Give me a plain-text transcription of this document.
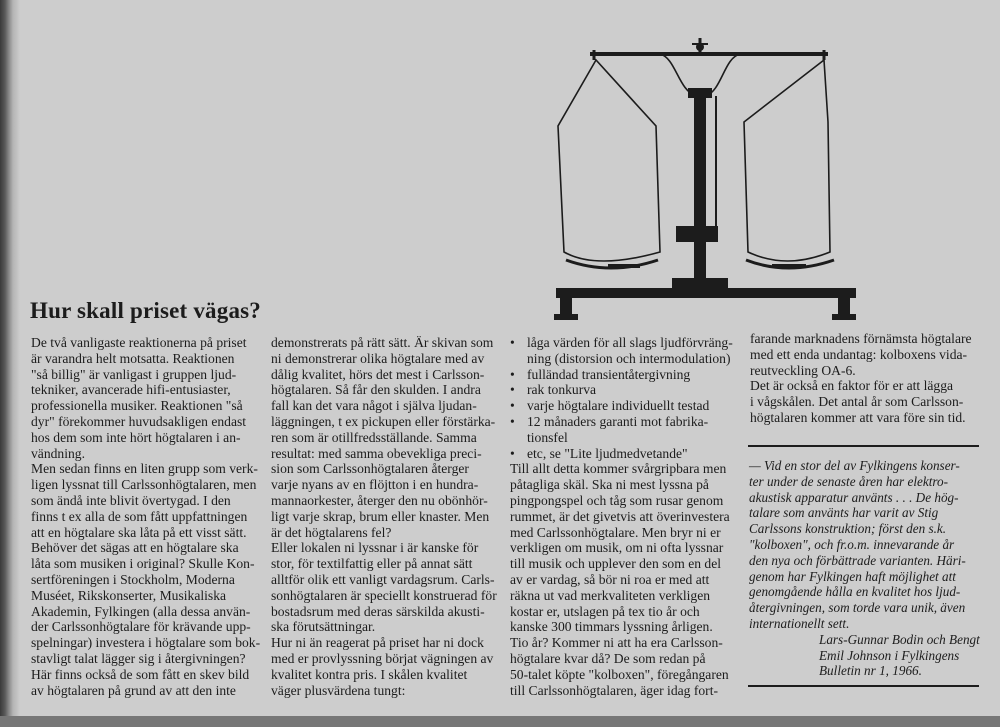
Hur skall priset vägas?
De två vanligaste reaktionerna på priset
är varandra helt motsatta. Reaktionen
"så billig" är vanligast i gruppen ljud-
tekniker, avancerade hifi-entusiaster,
professionella musiker. Reaktionen "så
dyr" förekommer huvudsakligen endast
hos dem som inte hört högtalaren i an-
vändning.
Men sedan finns en liten grupp som verk-
ligen lyssnat till Carlssonhögtalaren, men
som ändå inte blivit övertygad. I den
finns t ex alla de som fått uppfattningen
att en högtalare ska låta på ett visst sätt.
Behöver det sägas att en högtalare ska
låta som musiken i original? Skulle Kon-
sertföreningen i Stockholm, Moderna
Muséet, Rikskonserter, Musikaliska
Akademin, Fylkingen (alla dessa använ-
der Carlssonhögtalare för krävande upp-
spelningar) investera i högtalare som bok-
stavligt talat lägger sig i återgivningen?
Här finns också de som fått en skev bild
av högtalaren på grund av att den inte
demonstrerats på rätt sätt. Är skivan som
ni demonstrerar olika högtalare med av
dålig kvalitet, hörs det mest i Carlsson-
högtalaren. Så får den skulden. I andra
fall kan det vara något i själva ljudan-
läggningen, t ex pickupen eller förstärka-
ren som är otillfredsställande. Samma
resultat: med samma obevekliga preci-
sion som Carlssonhögtalaren återger
varje nyans av en flöjtton i en hundra-
mannaorkester, återger den nu obönhör-
ligt varje skrap, brum eller knaster. Men
är det högtalarens fel?
Eller lokalen ni lyssnar i är kanske för
stor, för textilfattig eller på annat sätt
alltför olik ett vanligt vardagsrum. Carls-
sonhögtalaren är speciellt konstruerad för
bostadsrum med deras särskilda akusti-
ska förutsättningar.
Hur ni än reagerat på priset har ni dock
med er provlyssning börjat vägningen av
kvalitet kontra pris. I skålen kvalitet
väger plusvärdena tungt:
• låga värden för all slags ljudförvräng-
ning (distorsion och intermodulation)
• fulländad transientåtergivning
• rak tonkurva
• varje högtalare individuellt testad
• 12 månaders garanti mot fabrika-
tionsfel
• etc, se "Lite ljudmedvetande"
Till allt detta kommer svårgripbara men
påtagliga skäl. Ska ni mest lyssna på
pingpongspel och tåg som rusar genom
rummet, är det givetvis att överinvestera
med Carlssonhögtalare. Men bryr ni er
verkligen om musik, om ni ofta lyssnar
till musik och upplever den som en del
av er vardag, så bör ni roa er med att
räkna ut vad merkvaliteten verkligen
kostar er, utslagen på tex tio år och
kanske 300 timmars lyssning årligen.
Tio år? Kommer ni att ha era Carlsson-
högtalare kvar då? De som redan på
50-talet köpte "kolboxen", föregångaren
till Carlssonhögtalaren, äger idag fort-
farande marknadens förnämsta högtalare
med ett enda undantag: kolboxens vida-
reutveckling OA-6.
Det är också en faktor för er att lägga
i vågskålen. Det antal år som Carlsson-
högtalaren kommer att vara före sin tid.
— Vid en stor del av Fylkingens konser-
ter under de senaste åren har elektro-
akustisk apparatur använts . . . De hög-
talare som använts har varit av Stig
Carlssons konstruktion; först den s.k.
"kolboxen", och fr.o.m. innevarande år
den nya och förbättrade varianten. Häri-
genom har Fylkingen haft möjlighet att
genomgående hålla en kvalitet hos ljud-
återgivningen, som torde vara unik, även
internationellt sett.
Lars-Gunnar Bodin och Bengt
Emil Johnson i Fylkingens
Bulletin nr 1, 1966.
